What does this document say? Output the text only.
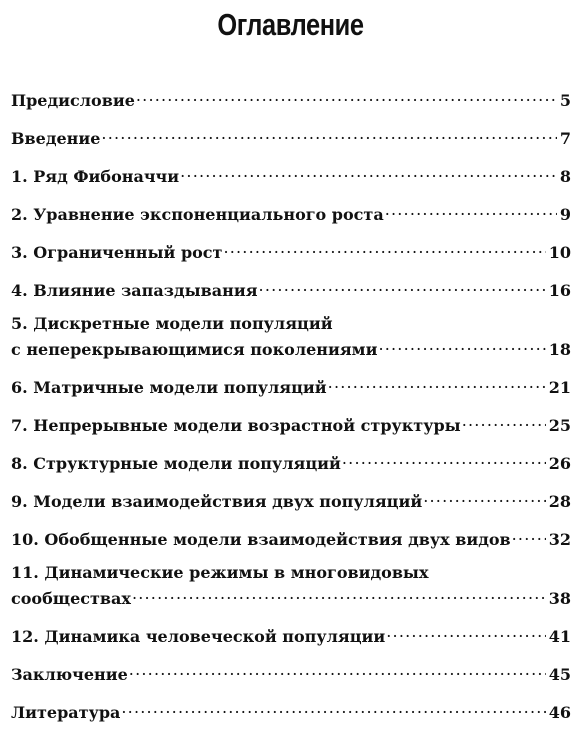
Оглавление
Предисловие .....	5
Введение .....	7
1. Ряд Фибоначчи .....	8
2. Уравнение экспоненциального роста .....	9
3. Ограниченный рост .....	10
4. Влияние запаздывания .....	16
5. Дискретные модели популяций
с неперекрывающимися поколениями .....	18
6. Матричные модели популяций .....	21
7. Непрерывные модели возрастной структуры .....	25
8. Структурные модели популяций .....	26
9. Модели взаимодействия двух популяций .....	28
10. Обобщенные модели взаимодействия двух видов ..... 32
11. Динамические режимы в многовидовых
сообществах .....	38
12. Динамика человеческой популяции .....	41
Заключение .....	45
Литература .....	46
